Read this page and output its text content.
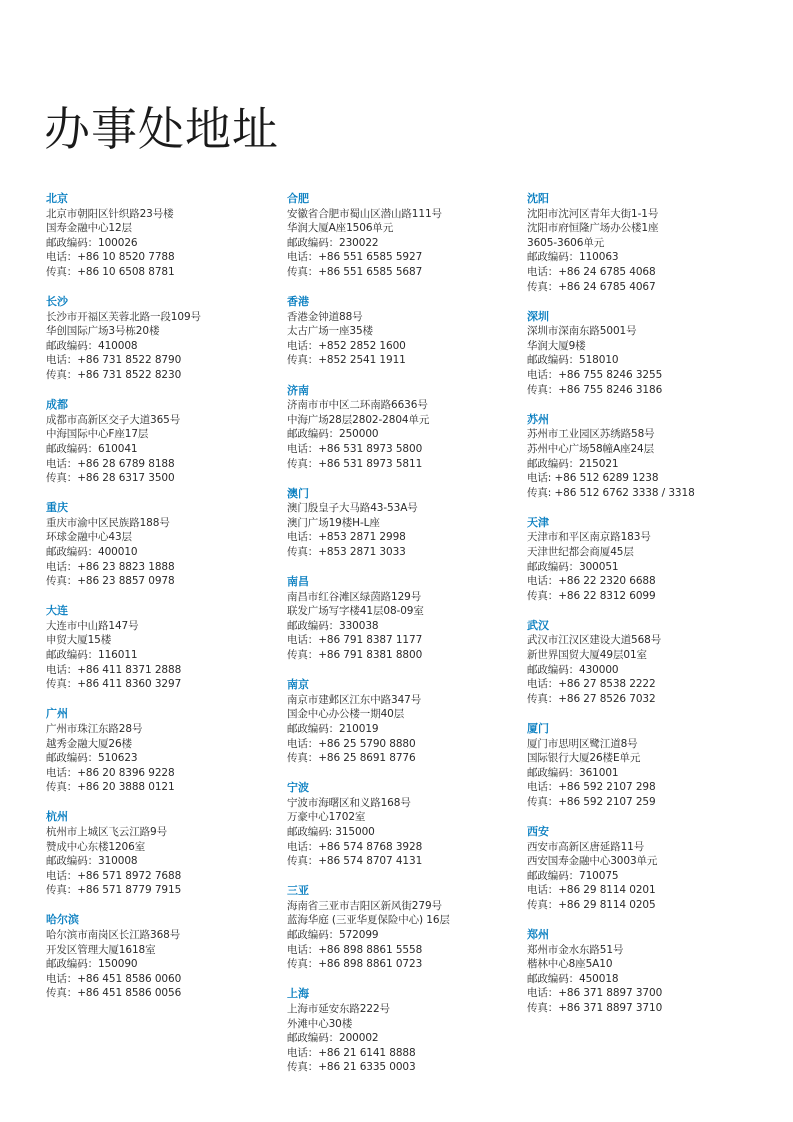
办事处地址
北京
北京市朝阳区针织路23号楼
国寿金融中心12层
邮政编码：100026
电话：+86 10 8520 7788
传真：+86 10 6508 8781
长沙
长沙市开福区芙蓉北路一段109号
华创国际广场3号栋20楼
邮政编码：410008
电话：+86 731 8522 8790
传真：+86 731 8522 8230
成都
成都市高新区交子大道365号
中海国际中心F座17层
邮政编码：610041
电话：+86 28 6789 8188
传真：+86 28 6317 3500
重庆
重庆市渝中区民族路188号
环球金融中心43层
邮政编码：400010
电话：+86 23 8823 1888
传真：+86 23 8857 0978
大连
大连市中山路147号
申贸大厦15楼
邮政编码：116011
电话：+86 411 8371 2888
传真：+86 411 8360 3297
广州
广州市珠江东路28号
越秀金融大厦26楼
邮政编码：510623
电话：+86 20 8396 9228
传真：+86 20 3888 0121
杭州
杭州市上城区飞云江路9号
赞成中心东楼1206室
邮政编码：310008
电话：+86 571 8972 7688
传真：+86 571 8779 7915
哈尔滨
哈尔滨市南岗区长江路368号
开发区管理大厦1618室
邮政编码：150090
电话：+86 451 8586 0060
传真：+86 451 8586 0056
合肥
安徽省合肥市蜀山区潜山路111号
华润大厦A座1506单元
邮政编码：230022
电话：+86 551 6585 5927
传真：+86 551 6585 5687
香港
香港金钟道88号
太古广场一座35楼
电话：+852 2852 1600
传真：+852 2541 1911
济南
济南市市中区二环南路6636号
中海广场28层2802-2804单元
邮政编码：250000
电话：+86 531 8973 5800
传真：+86 531 8973 5811
澳门
澳门殷皇子大马路43-53A号
澳门广场19楼H-L座
电话：+853 2871 2998
传真：+853 2871 3033
南昌
南昌市红谷滩区绿茵路129号
联发广场写字楼41层08-09室
邮政编码：330038
电话：+86 791 8387 1177
传真：+86 791 8381 8800
南京
南京市建邺区江东中路347号
国金中心办公楼一期40层
邮政编码：210019
电话：+86 25 5790 8880
传真：+86 25 8691 8776
宁波
宁波市海曙区和义路168号
万豪中心1702室
邮政编码: 315000
电话：+86 574 8768 3928
传真：+86 574 8707 4131
三亚
海南省三亚市吉阳区新风街279号
蓝海华庭 (三亚华夏保险中心) 16层
邮政编码：572099
电话：+86 898 8861 5558
传真：+86 898 8861 0723
上海
上海市延安东路222号
外滩中心30楼
邮政编码：200002
电话：+86 21 6141 8888
传真：+86 21 6335 0003
沈阳
沈阳市沈河区青年大街1-1号
沈阳市府恒隆广场办公楼1座
3605-3606单元
邮政编码：110063
电话：+86 24 6785 4068
传真：+86 24 6785 4067
深圳
深圳市深南东路5001号
华润大厦9楼
邮政编码：518010
电话：+86 755 8246 3255
传真：+86 755 8246 3186
苏州
苏州市工业园区苏绣路58号
苏州中心广场58幢A座24层
邮政编码：215021
电话: +86 512 6289 1238
传真: +86 512 6762 3338 / 3318
天津
天津市和平区南京路183号
天津世纪都会商厦45层
邮政编码：300051
电话：+86 22 2320 6688
传真：+86 22 8312 6099
武汉
武汉市江汉区建设大道568号
新世界国贸大厦49层01室
邮政编码：430000
电话：+86 27 8538 2222
传真：+86 27 8526 7032
厦门
厦门市思明区鹭江道8号
国际银行大厦26楼E单元
邮政编码：361001
电话：+86 592 2107 298
传真：+86 592 2107 259
西安
西安市高新区唐延路11号
西安国寿金融中心3003单元
邮政编码：710075
电话：+86 29 8114 0201
传真：+86 29 8114 0205
郑州
郑州市金水东路51号
楷林中心8座5A10
邮政编码：450018
电话：+86 371 8897 3700
传真：+86 371 8897 3710
